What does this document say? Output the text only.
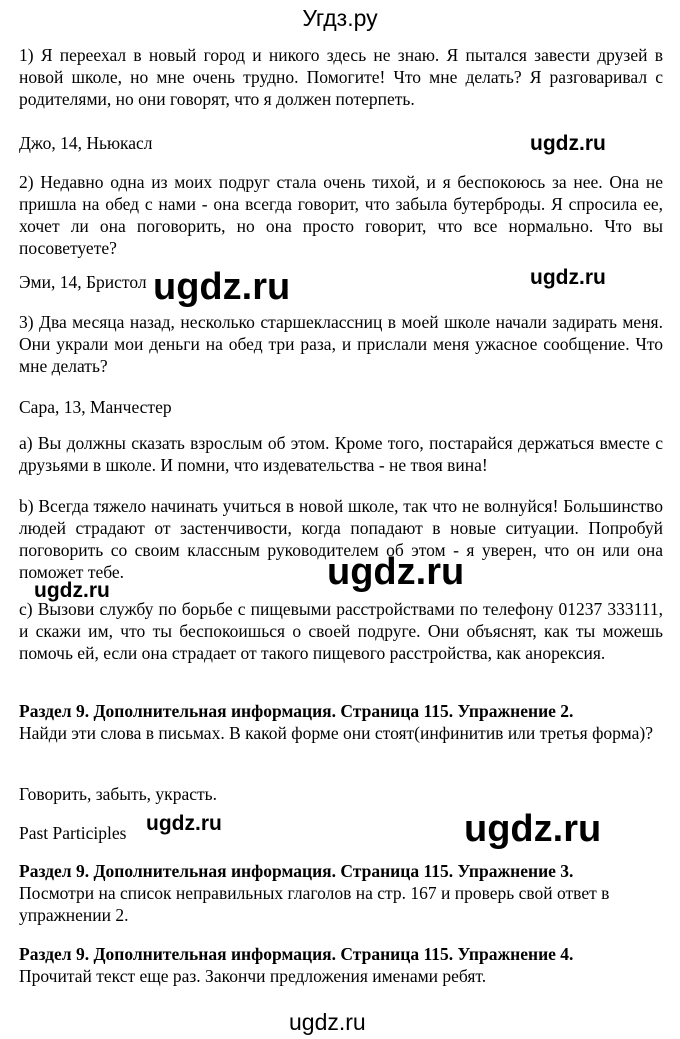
Угдз.ру

1) Я переехал в новый город и никого здесь не знаю. Я пытался завести друзей в новой школе, но мне очень трудно. Помогите! Что мне делать? Я разговаривал с родителями, но они говорят, что я должен потерпеть.

Джо, 14, Ньюкасл

2) Недавно одна из моих подруг стала очень тихой, и я беспокоюсь за нее. Она не пришла на обед с нами - она всегда говорит, что забыла бутерброды. Я спросила ее, хочет ли она поговорить, но она просто говорит, что все нормально. Что вы посоветуете?

Эми, 14, Бристол

3) Два месяца назад, несколько старшеклассниц в моей школе начали задирать меня. Они украли мои деньги на обед три раза, и прислали меня ужасное сообщение. Что мне делать?

Сара, 13, Манчестер

a) Вы должны сказать взрослым об этом. Кроме того, постарайся держаться вместе с друзьями в школе. И помни, что издевательства - не твоя вина!

b) Всегда тяжело начинать учиться в новой школе, так что не волнуйся! Большинство людей страдают от застенчивости, когда попадают в новые ситуации. Попробуй поговорить со своим классным руководителем об этом - я уверен, что он или она поможет тебе.

c) Вызови службу по борьбе с пищевыми расстройствами по телефону 01237 333111, и скажи им, что ты беспокоишься о своей подруге. Они объяснят, как ты можешь помочь ей, если она страдает от такого пищевого расстройства, как анорексия.

Раздел 9. Дополнительная информация. Страница 115. Упражнение 2.

Найди эти слова в письмах. В какой форме они стоят(инфинитив или третья форма)?

Говорить, забыть, украсть.

Past Participles

Раздел 9. Дополнительная информация. Страница 115. Упражнение 3.

Посмотри на список неправильных глаголов на стр. 167 и проверь свой ответ в упражнении 2.

Раздел 9. Дополнительная информация. Страница 115. Упражнение 4.

Прочитай текст еще раз. Закончи предложения именами ребят.

ugdz.ru
ugdz.ru	ugdz.ru
ugdz.ru
ugdz.ru
ugdz.ru	ugdz.ru
ugdz.ru
